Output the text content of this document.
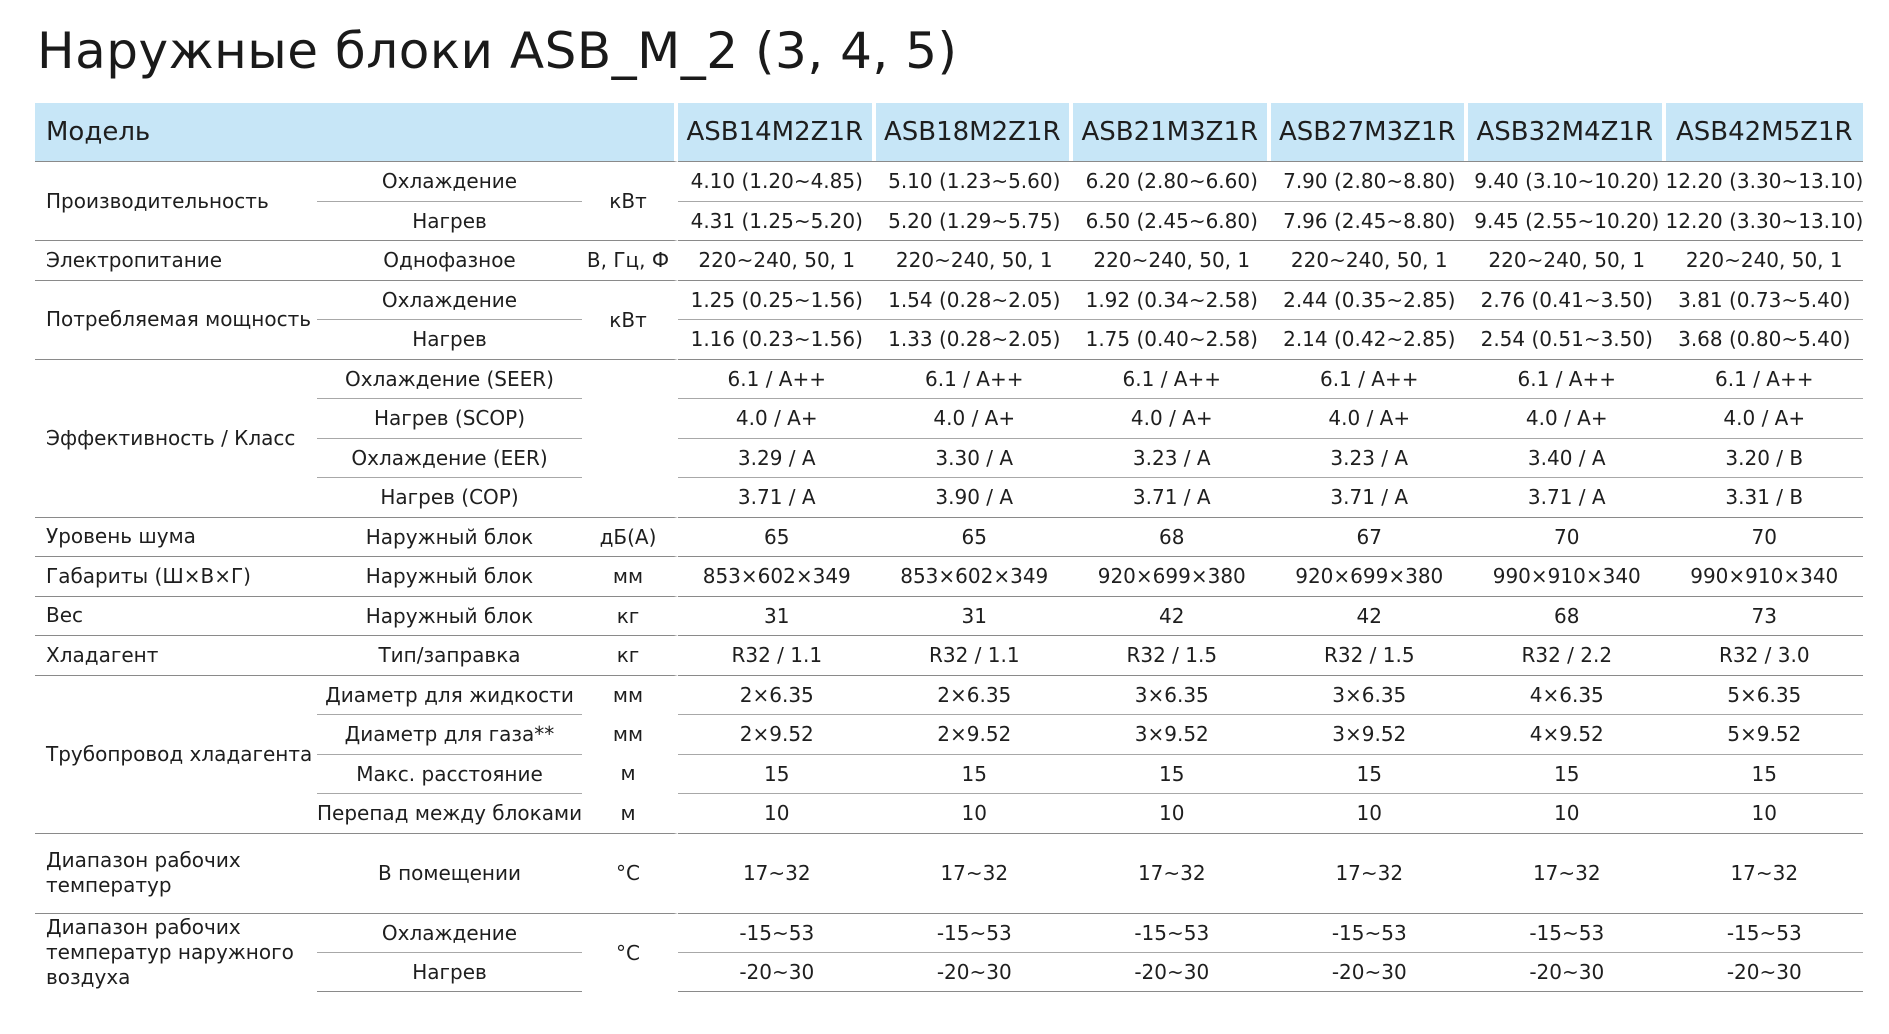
Наружные блоки ASB_M_2 (3, 4, 5)
Модель			ASB14M2Z1R	ASB18M2Z1R	ASB21M3Z1R	ASB27M3Z1R	ASB32M4Z1R	ASB42M5Z1R
Производительность	Охлаждение	кВт	4.10 (1.20~4.85)	5.10 (1.23~5.60)	6.20 (2.80~6.60)	7.90 (2.80~8.80)	9.40 (3.10~10.20)	12.20 (3.30~13.10)
	Нагрев		4.31 (1.25~5.20)	5.20 (1.29~5.75)	6.50 (2.45~6.80)	7.96 (2.45~8.80)	9.45 (2.55~10.20)	12.20 (3.30~13.10)
Электропитание	Однофазное	В, Гц, Ф	220~240, 50, 1	220~240, 50, 1	220~240, 50, 1	220~240, 50, 1	220~240, 50, 1	220~240, 50, 1
Потребляемая мощность	Охлаждение	кВт	1.25 (0.25~1.56)	1.54 (0.28~2.05)	1.92 (0.34~2.58)	2.44 (0.35~2.85)	2.76 (0.41~3.50)	3.81 (0.73~5.40)
	Нагрев		1.16 (0.23~1.56)	1.33 (0.28~2.05)	1.75 (0.40~2.58)	2.14 (0.42~2.85)	2.54 (0.51~3.50)	3.68 (0.80~5.40)
Эффективность / Класс	Охлаждение (SEER)		6.1 / A++	6.1 / A++	6.1 / A++	6.1 / A++	6.1 / A++	6.1 / A++
	Нагрев (SCOP)		4.0 / A+	4.0 / A+	4.0 / A+	4.0 / A+	4.0 / A+	4.0 / A+
	Охлаждение (EER)		3.29 / A	3.30 / A	3.23 / A	3.23 / A	3.40 / A	3.20 / B
	Нагрев (COP)		3.71 / A	3.90 / A	3.71 / A	3.71 / A	3.71 / A	3.31 / B
Уровень шума	Наружный блок	дБ(А)	65	65	68	67	70	70
Габариты (Ш×В×Г)	Наружный блок	мм	853×602×349	853×602×349	920×699×380	920×699×380	990×910×340	990×910×340
Вес	Наружный блок	кг	31	31	42	42	68	73
Хладагент	Тип/заправка	кг	R32 / 1.1	R32 / 1.1	R32 / 1.5	R32 / 1.5	R32 / 2.2	R32 / 3.0
Трубопровод хладагента	Диаметр для жидкости	мм	2×6.35	2×6.35	3×6.35	3×6.35	4×6.35	5×6.35
	Диаметр для газа**	мм	2×9.52	2×9.52	3×9.52	3×9.52	4×9.52	5×9.52
	Макс. расстояние	м	15	15	15	15	15	15
	Перепад между блоками	м	10	10	10	10	10	10
Диапазон рабочих температур	В помещении	°C	17~32	17~32	17~32	17~32	17~32	17~32
Диапазон рабочих температур наружного воздуха	Охлаждение	°C	-15~53	-15~53	-15~53	-15~53	-15~53	-15~53
	Нагрев		-20~30	-20~30	-20~30	-20~30	-20~30	-20~30
